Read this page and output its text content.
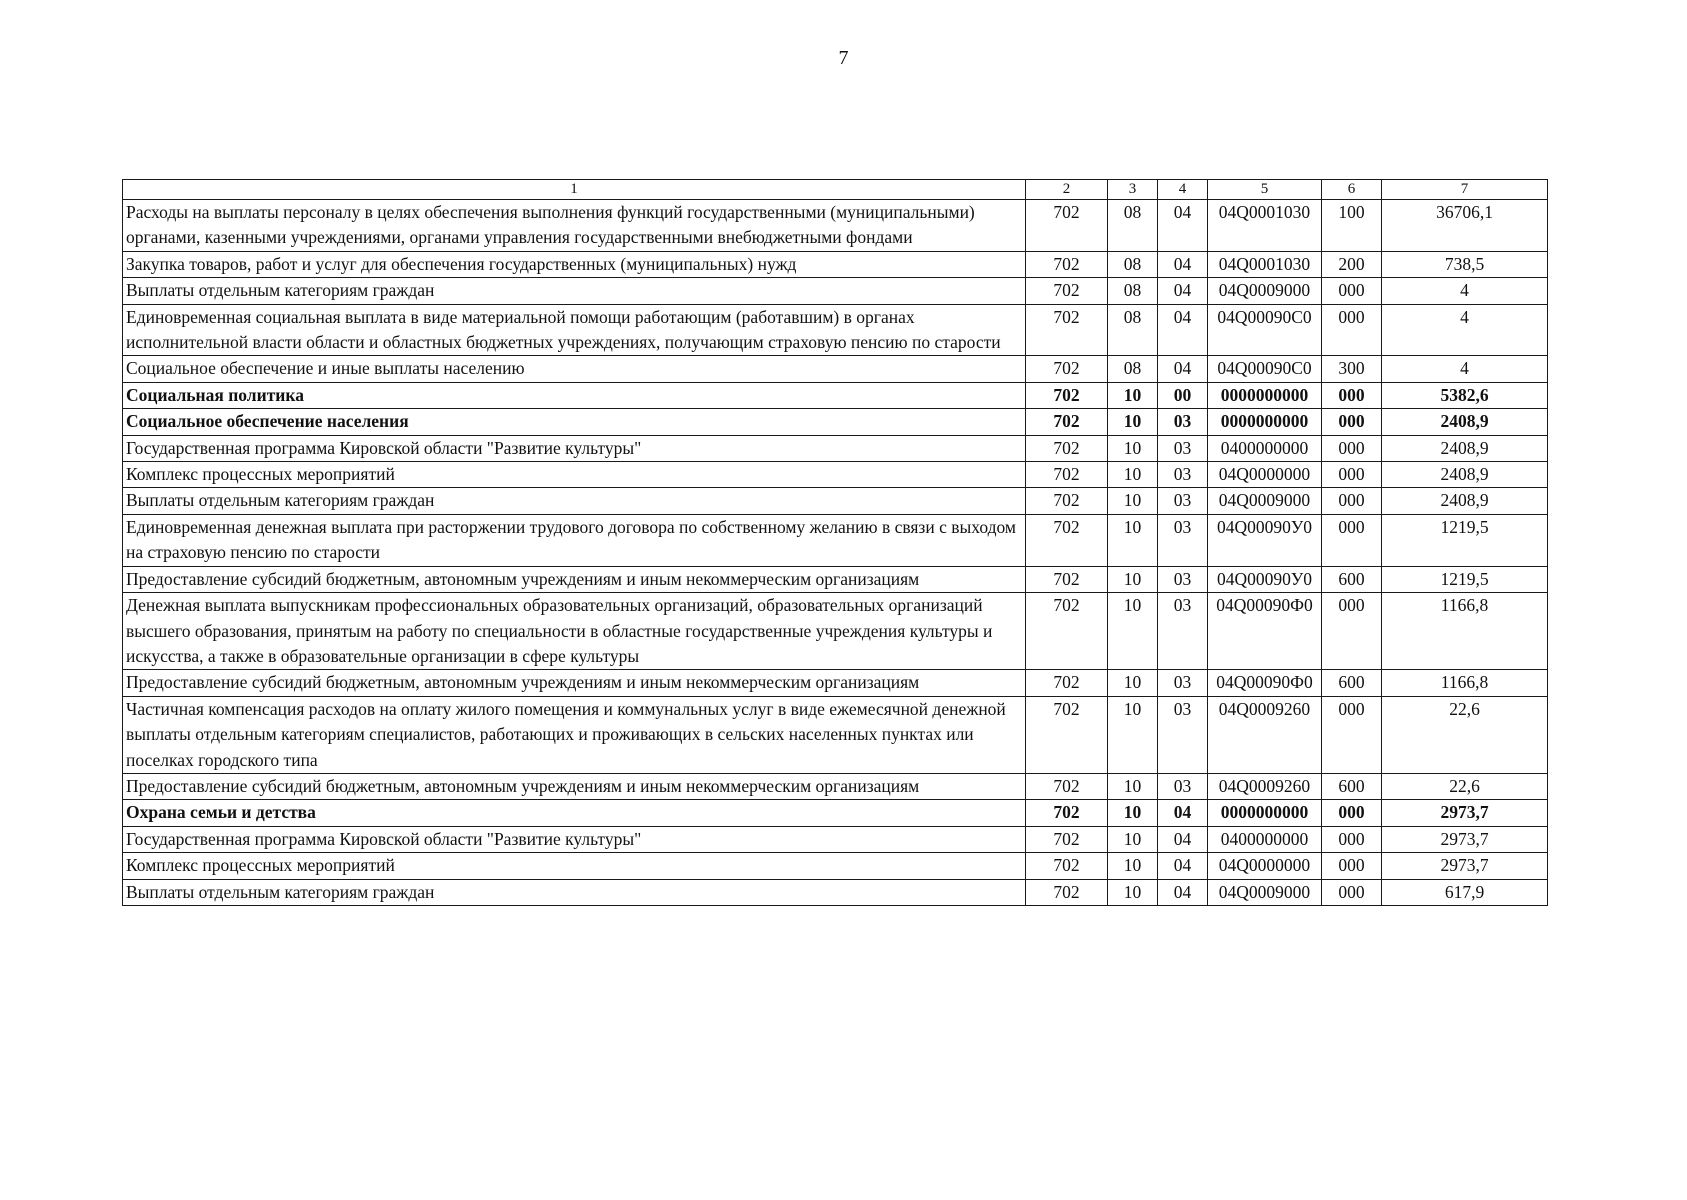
7
1	2	3	4	5	6	7
Расходы на выплаты персоналу в целях обеспечения выполнения функций государственными (муниципальными) органами, казенными учреждениями, органами управления государственными внебюджетными фондами	702	08	04	04Q0001030	100	36706,1
Закупка товаров, работ и услуг для обеспечения государственных (муниципальных) нужд	702	08	04	04Q0001030	200	738,5
Выплаты отдельным категориям граждан	702	08	04	04Q0009000	000	4
Единовременная социальная выплата в виде материальной помощи работающим (работавшим) в органах исполнительной власти области и областных бюджетных учреждениях, получающим страховую пенсию по старости	702	08	04	04Q00090C0	000	4
Социальное обеспечение и иные выплаты населению	702	08	04	04Q00090C0	300	4
Социальная политика	702	10	00	0000000000	000	5382,6
Социальное обеспечение населения	702	10	03	0000000000	000	2408,9
Государственная программа Кировской области "Развитие культуры"	702	10	03	0400000000	000	2408,9
Комплекс процессных мероприятий	702	10	03	04Q0000000	000	2408,9
Выплаты отдельным категориям граждан	702	10	03	04Q0009000	000	2408,9
Единовременная денежная выплата при расторжении трудового договора по собственному желанию в связи с выходом на страховую пенсию по старости	702	10	03	04Q00090У0	000	1219,5
Предоставление субсидий бюджетным, автономным учреждениям и иным некоммерческим организациям	702	10	03	04Q00090У0	600	1219,5
Денежная выплата выпускникам профессиональных образовательных организаций, образовательных организаций высшего образования, принятым на работу по специальности в областные государственные учреждения культуры и искусства, а также в образовательные организации в сфере культуры	702	10	03	04Q00090Ф0	000	1166,8
Предоставление субсидий бюджетным, автономным учреждениям и иным некоммерческим организациям	702	10	03	04Q00090Ф0	600	1166,8
Частичная компенсация расходов на оплату жилого помещения и коммунальных услуг в виде ежемесячной денежной выплаты отдельным категориям специалистов, работающих и проживающих в сельских населенных пунктах или поселках городского типа	702	10	03	04Q0009260	000	22,6
Предоставление субсидий бюджетным, автономным учреждениям и иным некоммерческим организациям	702	10	03	04Q0009260	600	22,6
Охрана семьи и детства	702	10	04	0000000000	000	2973,7
Государственная программа Кировской области "Развитие культуры"	702	10	04	0400000000	000	2973,7
Комплекс процессных мероприятий	702	10	04	04Q0000000	000	2973,7
Выплаты отдельным категориям граждан	702	10	04	04Q0009000	000	617,9
